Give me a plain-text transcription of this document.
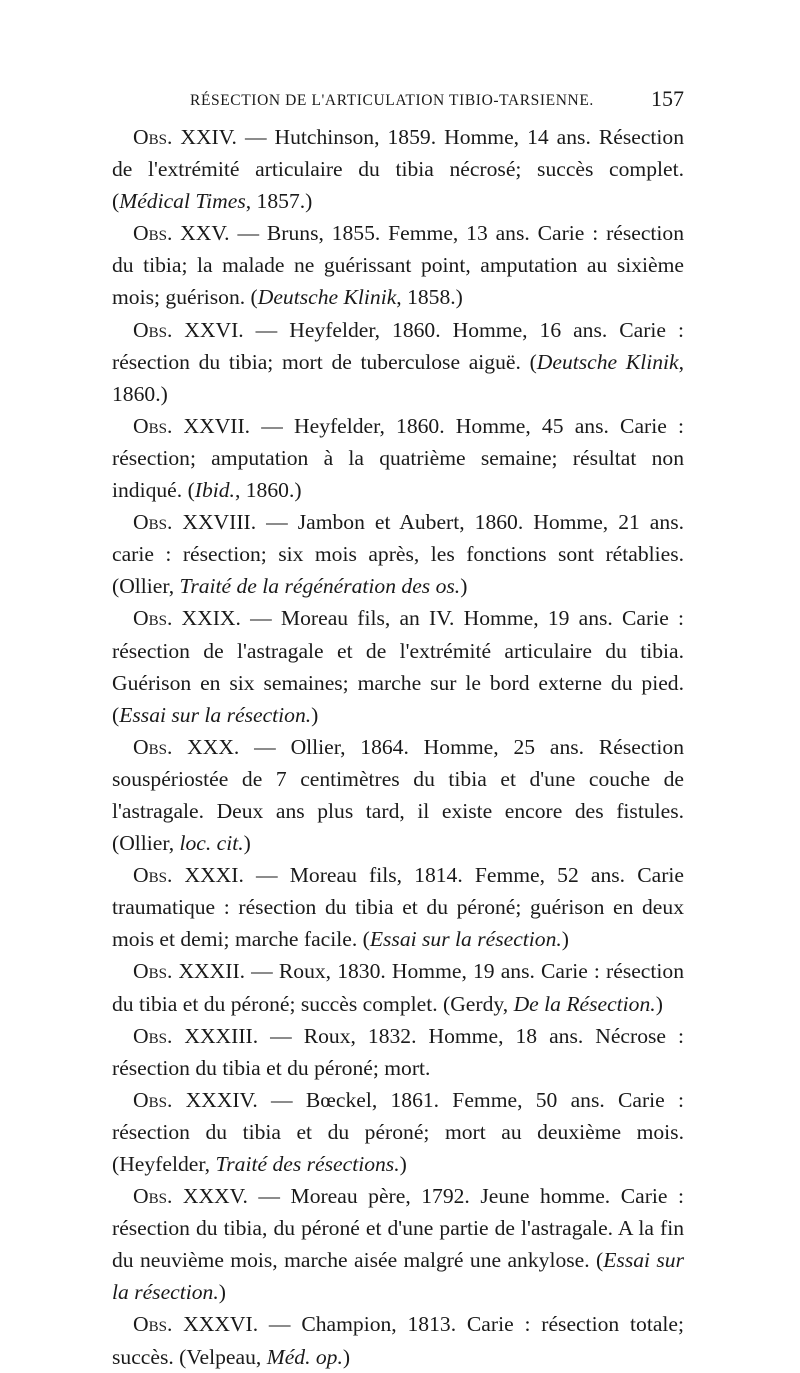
RÉSECTION DE L'ARTICULATION TIBIO-TARSIENNE.	157

Obs. XXIV. — Hutchinson, 1859. Homme, 14 ans. Résection de l'extrémité articulaire du tibia nécrosé; succès complet. (Médical Times, 1857.)

Obs. XXV. — Bruns, 1855. Femme, 13 ans. Carie : résection du tibia; la malade ne guérissant point, amputation au sixième mois; guérison. (Deutsche Klinik, 1858.)

Obs. XXVI. — Heyfelder, 1860. Homme, 16 ans. Carie : résection du tibia; mort de tuberculose aiguë. (Deutsche Klinik, 1860.)

Obs. XXVII. — Heyfelder, 1860. Homme, 45 ans. Carie : résection; amputation à la quatrième semaine; résultat non indiqué. (Ibid., 1860.)

Obs. XXVIII. — Jambon et Aubert, 1860. Homme, 21 ans. carie : résection; six mois après, les fonctions sont rétablies. (Ollier, Traité de la régénération des os.)

Obs. XXIX. — Moreau fils, an IV. Homme, 19 ans. Carie : résection de l'astragale et de l'extrémité articulaire du tibia. Guérison en six semaines; marche sur le bord externe du pied. (Essai sur la résection.)

Obs. XXX. — Ollier, 1864. Homme, 25 ans. Résection souspériostée de 7 centimètres du tibia et d'une couche de l'astragale. Deux ans plus tard, il existe encore des fistules. (Ollier, loc. cit.)

Obs. XXXI. — Moreau fils, 1814. Femme, 52 ans. Carie traumatique : résection du tibia et du péroné; guérison en deux mois et demi; marche facile. (Essai sur la résection.)

Obs. XXXII. — Roux, 1830. Homme, 19 ans. Carie : résection du tibia et du péroné; succès complet. (Gerdy, De la Résection.)

Obs. XXXIII. — Roux, 1832. Homme, 18 ans. Nécrose : résection du tibia et du péroné; mort.

Obs. XXXIV. — Bœckel, 1861. Femme, 50 ans. Carie : résection du tibia et du péroné; mort au deuxième mois. (Heyfelder, Traité des résections.)

Obs. XXXV. — Moreau père, 1792. Jeune homme. Carie : résection du tibia, du péroné et d'une partie de l'astragale. A la fin du neuvième mois, marche aisée malgré une ankylose. (Essai sur la résection.)

Obs. XXXVI. — Champion, 1813. Carie : résection totale; succès. (Velpeau, Méd. op.)
